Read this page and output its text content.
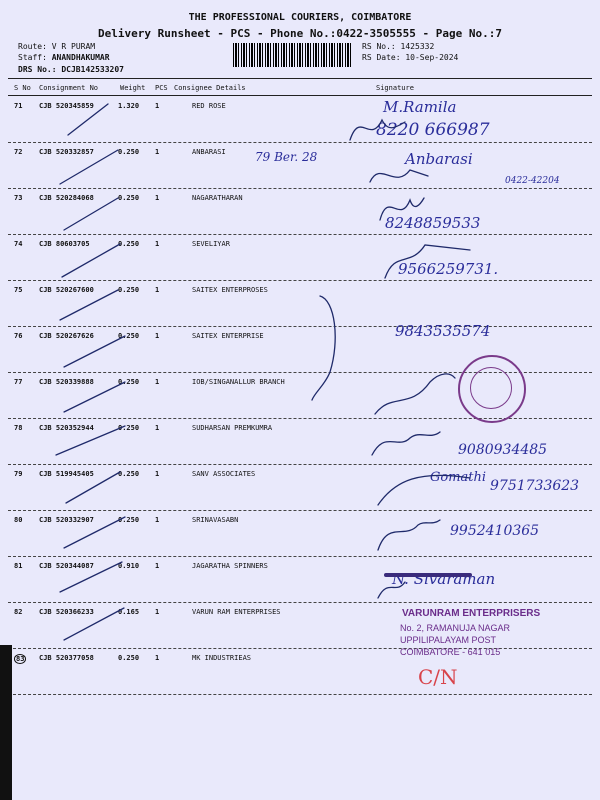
THE PROFESSIONAL COURIERS, COIMBATORE
Delivery Runsheet - PCS - Phone No.:0422-3505555 - Page No.:7
Route: V R PURAM
Staff: ANANDHAKUMAR
DRS No.: DCJB142533207
RS No.: 1425332
RS Date: 10-Sep-2024
S No Consignment No	Weight PCS Consignee Details	Signature
71 CJB 520345859	1.320 1	RED ROSE
72 CJB 520332857	0.250 1	ANBARASI
73 CJB 520284068	0.250 1	NAGARATHARAN
74 CJB 80603705	0.250 1	SEVELIYAR
75 CJB 520267600	0.250 1	SAITEX ENTERPROSES
76 CJB 520267626	0.250 1	SAITEX ENTERPRISE
77 CJB 520339888	0.250 1	IOB/SINGANALLUR BRANCH
78 CJB 520352944	0.250 1	SUDHARSAN PREMKUMRA
79 CJB 519945405	0.250 1	SANV ASSOCIATES
80 CJB 520332907	0.250 1	SRINAVASABN
81 CJB 520344087	0.910 1	JAGARATHA SPINNERS
82 CJB 520366233	0.165 1	VARUN RAM ENTERPRISES
83 CJB 520377058	0.250 1	MK INDUSTRIEAS
M.Ramila
8220 666987
79 Ber. 28	Anbarasi
0422-42204
8248859533
9566259731.
9843535574
9080934485
Gomathi
9751733623
9952410365
N. Sivaraman
C/N
VARUNRAM ENTERPRISERS
No. 2, RAMANUJA NAGAR
UPPILIPALAYAM POST
COIMBATORE - 641 015
